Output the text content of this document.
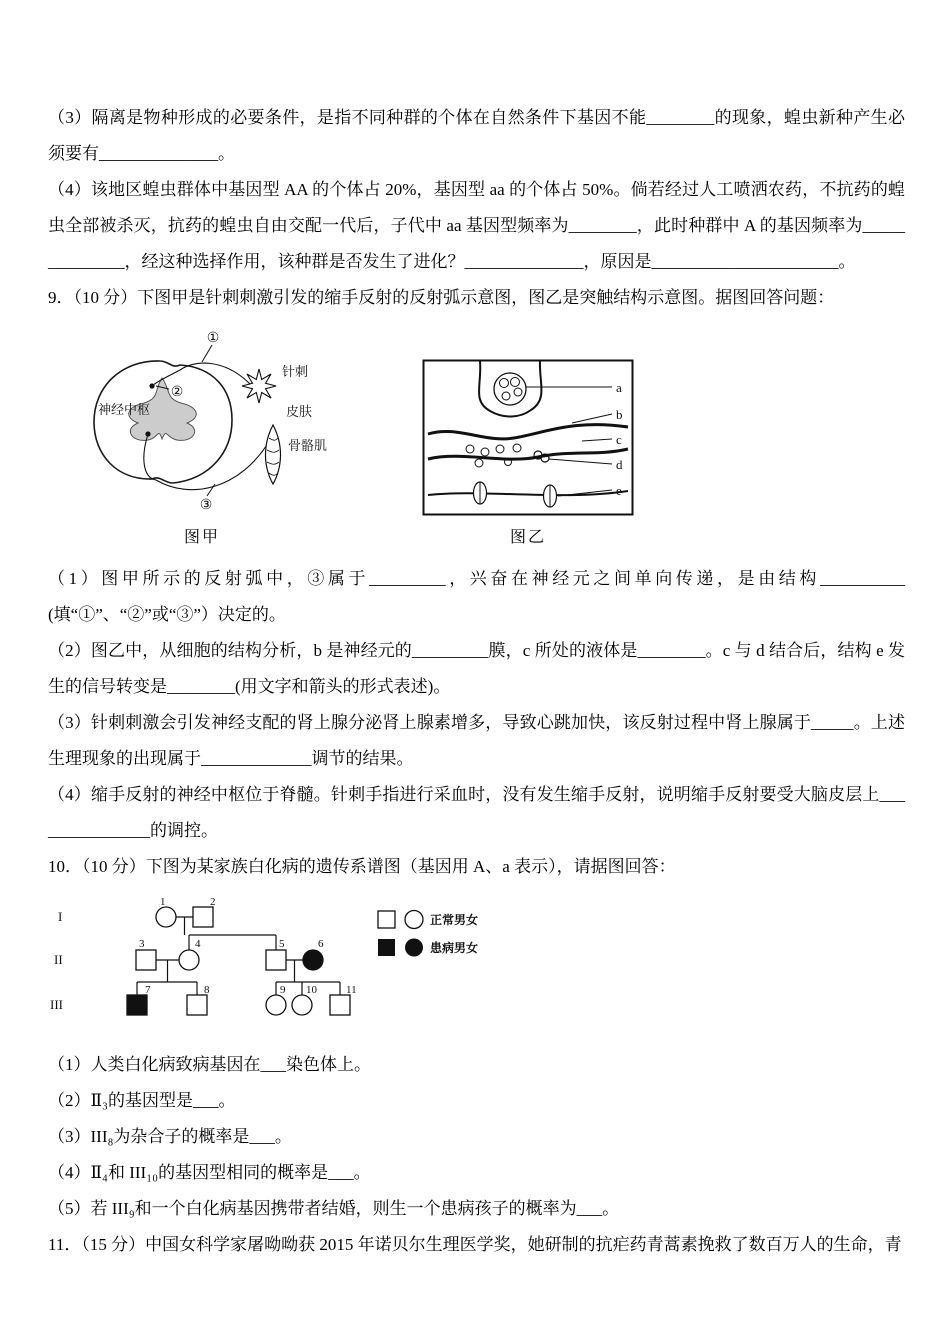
（3）隔离是物种形成的必要条件，是指不同种群的个体在自然条件下基因不能________的现象，蝗虫新种产生必须要有______________。

（4）该地区蝗虫群体中基因型 AA 的个体占 20%，基因型 aa 的个体占 50%。倘若经过人工喷洒农药，不抗药的蝗虫全部被杀灭，抗药的蝗虫自由交配一代后，子代中 aa 基因型频率为________，此时种群中 A 的基因频率为______________，经这种选择作用，该种群是否发生了进化？______________，原因是______________________。

9．（10 分）下图甲是针刺刺激引发的缩手反射的反射弧示意图，图乙是突触结构示意图。据图回答问题：

①
②
③
神经中枢
针刺
皮肤
骨骼肌
图甲
a
b
c
d
e
图乙

（1）图甲所示的反射弧中，③属于_________，兴奋在神经元之间单向传递，是由结构__________(填“①”、“②”或“③”）决定的。

（2）图乙中，从细胞的结构分析，b 是神经元的_________膜，c 所处的液体是________。c 与 d 结合后，结构 e 发生的信号转变是________(用文字和箭头的形式表述)。

（3）针刺刺激会引发神经支配的肾上腺分泌肾上腺素增多，导致心跳加快，该反射过程中肾上腺属于_____。上述生理现象的出现属于_____________调节的结果。

（4）缩手反射的神经中枢位于脊髓。针刺手指进行采血时，没有发生缩手反射，说明缩手反射要受大脑皮层上_______________的调控。

10．（10 分）下图为某家族白化病的遗传系谱图（基因用 A、a 表示），请据图回答：

1	2
3	4	5	6
7	8	9 10	11
I
II
III
正常男女
患病男女

（1）人类白化病致病基因在___染色体上。

（2）Ⅱ₃的基因型是___。

（3）III₈为杂合子的概率是___。

（4）Ⅱ₄和 III₁₀的基因型相同的概率是___。

（5）若 III₉和一个白化病基因携带者结婚，则生一个患病孩子的概率为___。

11．（15 分）中国女科学家屠呦呦获 2015 年诺贝尔生理医学奖，她研制的抗疟药青蒿素挽救了数百万人的生命，青
